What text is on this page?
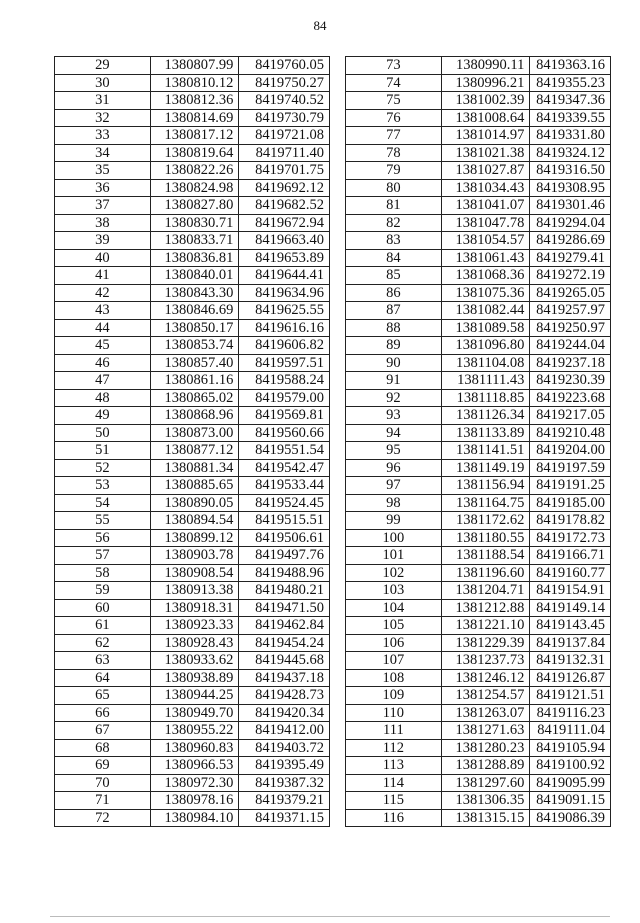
84
29	1380807.99	8419760.05
30	1380810.12	8419750.27
31	1380812.36	8419740.52
32	1380814.69	8419730.79
33	1380817.12	8419721.08
34	1380819.64	8419711.40
35	1380822.26	8419701.75
36	1380824.98	8419692.12
37	1380827.80	8419682.52
38	1380830.71	8419672.94
39	1380833.71	8419663.40
40	1380836.81	8419653.89
41	1380840.01	8419644.41
42	1380843.30	8419634.96
43	1380846.69	8419625.55
44	1380850.17	8419616.16
45	1380853.74	8419606.82
46	1380857.40	8419597.51
47	1380861.16	8419588.24
48	1380865.02	8419579.00
49	1380868.96	8419569.81
50	1380873.00	8419560.66
51	1380877.12	8419551.54
52	1380881.34	8419542.47
53	1380885.65	8419533.44
54	1380890.05	8419524.45
55	1380894.54	8419515.51
56	1380899.12	8419506.61
57	1380903.78	8419497.76
58	1380908.54	8419488.96
59	1380913.38	8419480.21
60	1380918.31	8419471.50
61	1380923.33	8419462.84
62	1380928.43	8419454.24
63	1380933.62	8419445.68
64	1380938.89	8419437.18
65	1380944.25	8419428.73
66	1380949.70	8419420.34
67	1380955.22	8419412.00
68	1380960.83	8419403.72
69	1380966.53	8419395.49
70	1380972.30	8419387.32
71	1380978.16	8419379.21
72	1380984.10	8419371.15
73	1380990.11	8419363.16
74	1380996.21	8419355.23
75	1381002.39	8419347.36
76	1381008.64	8419339.55
77	1381014.97	8419331.80
78	1381021.38	8419324.12
79	1381027.87	8419316.50
80	1381034.43	8419308.95
81	1381041.07	8419301.46
82	1381047.78	8419294.04
83	1381054.57	8419286.69
84	1381061.43	8419279.41
85	1381068.36	8419272.19
86	1381075.36	8419265.05
87	1381082.44	8419257.97
88	1381089.58	8419250.97
89	1381096.80	8419244.04
90	1381104.08	8419237.18
91	1381111.43	8419230.39
92	1381118.85	8419223.68
93	1381126.34	8419217.05
94	1381133.89	8419210.48
95	1381141.51	8419204.00
96	1381149.19	8419197.59
97	1381156.94	8419191.25
98	1381164.75	8419185.00
99	1381172.62	8419178.82
100	1381180.55	8419172.73
101	1381188.54	8419166.71
102	1381196.60	8419160.77
103	1381204.71	8419154.91
104	1381212.88	8419149.14
105	1381221.10	8419143.45
106	1381229.39	8419137.84
107	1381237.73	8419132.31
108	1381246.12	8419126.87
109	1381254.57	8419121.51
110	1381263.07	8419116.23
111	1381271.63	8419111.04
112	1381280.23	8419105.94
113	1381288.89	8419100.92
114	1381297.60	8419095.99
115	1381306.35	8419091.15
116	1381315.15	8419086.39
